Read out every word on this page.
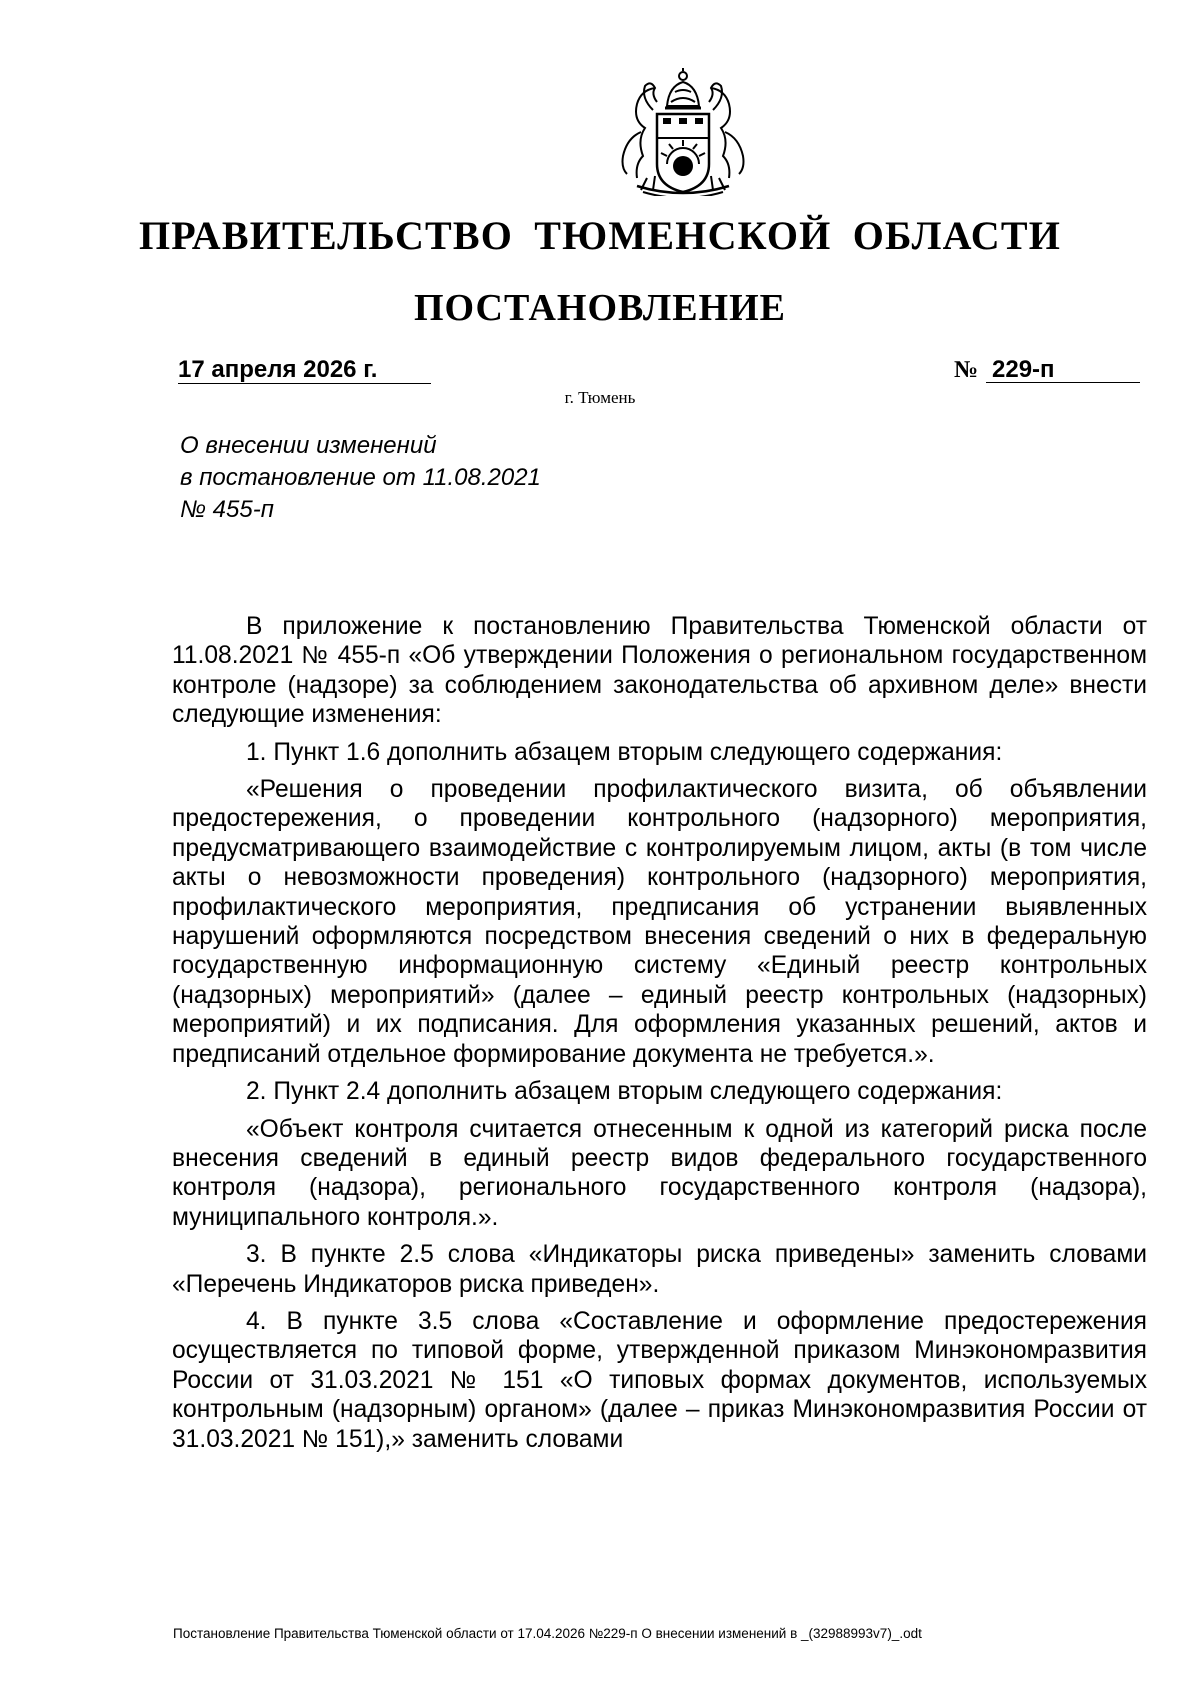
ПРАВИТЕЛЬСТВО ТЮМЕНСКОЙ ОБЛАСТИ
ПОСТАНОВЛЕНИЕ
17 апреля 2026 г.	№ 229-п
г. Тюмень
О внесении изменений
в постановление от 11.08.2021
№ 455-п

В приложение к постановлению Правительства Тюменской области от 11.08.2021 № 455-п «Об утверждении Положения о региональном государственном контроле (надзоре) за соблюдением законодательства об архивном деле» внести следующие изменения:

1. Пункт 1.6 дополнить абзацем вторым следующего содержания:

«Решения о проведении профилактического визита, об объявлении предостережения, о проведении контрольного (надзорного) мероприятия, предусматривающего взаимодействие с контролируемым лицом, акты (в том числе акты о невозможности проведения) контрольного (надзорного) мероприятия, профилактического мероприятия, предписания об устранении выявленных нарушений оформляются посредством внесения сведений о них в федеральную государственную информационную систему «Единый реестр контрольных (надзорных) мероприятий» (далее – единый реестр контрольных (надзорных) мероприятий) и их подписания. Для оформления указанных решений, актов и предписаний отдельное формирование документа не требуется.».

2. Пункт 2.4 дополнить абзацем вторым следующего содержания:

«Объект контроля считается отнесенным к одной из категорий риска после внесения сведений в единый реестр видов федерального государственного контроля (надзора), регионального государственного контроля (надзора), муниципального контроля.».

3. В пункте 2.5 слова «Индикаторы риска приведены» заменить словами «Перечень Индикаторов риска приведен».

4. В пункте 3.5 слова «Составление и оформление предостережения осуществляется по типовой форме, утвержденной приказом Минэкономразвития России от 31.03.2021 № 151 «О типовых формах документов, используемых контрольным (надзорным) органом» (далее – приказ Минэкономразвития России от 31.03.2021 № 151),» заменить словами

Постановление Правительства Тюменской области от 17.04.2026 №229-п О внесении изменений в _(32988993v7)_.odt
